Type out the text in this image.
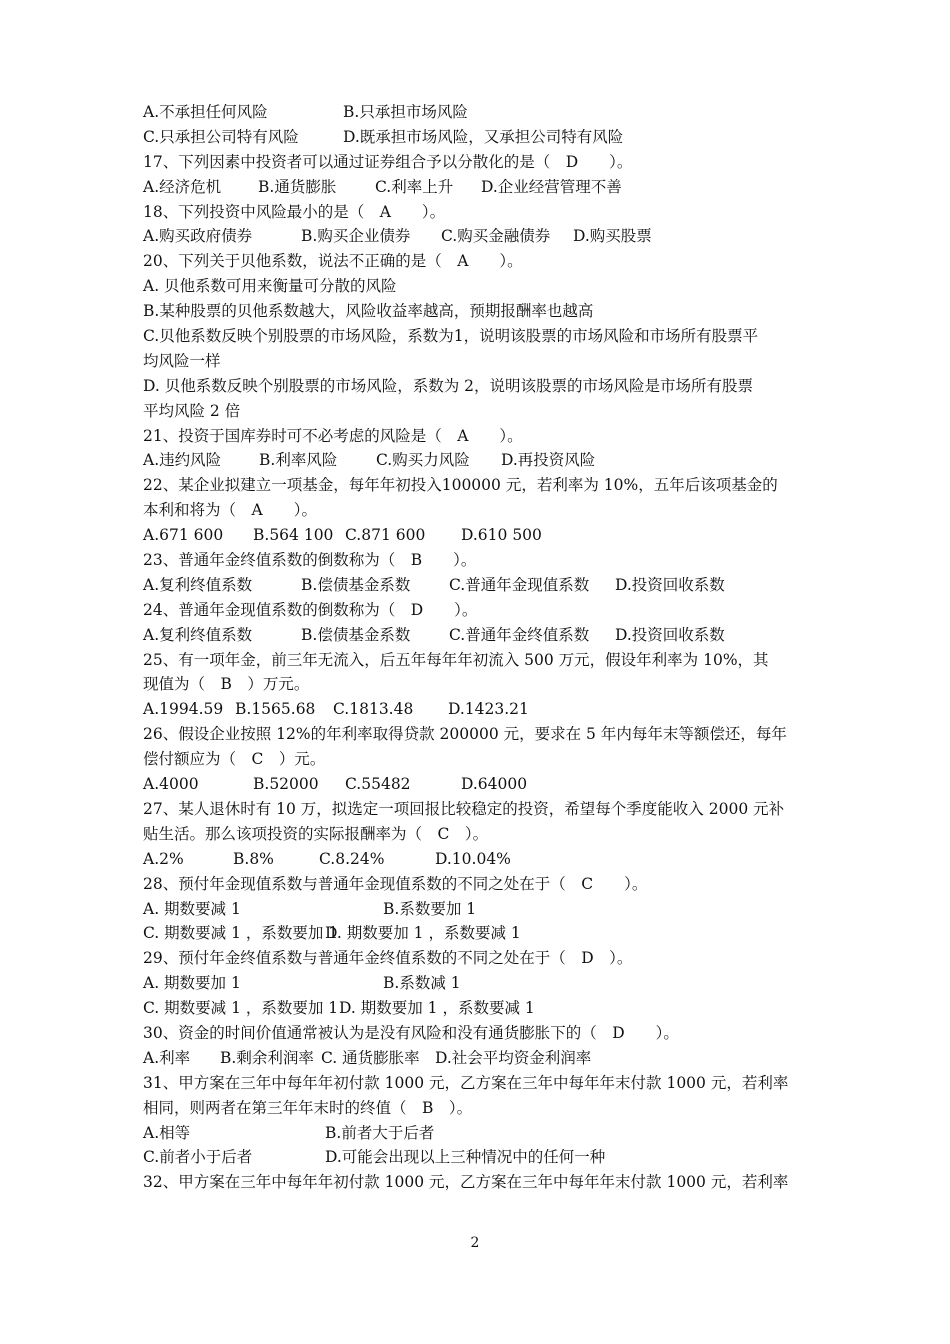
A.不承担任何风险	B.只承担市场风险
C.只承担公司特有风险	D.既承担市场风险，又承担公司特有风险
17、下列因素中投资者可以通过证券组合予以分散化的是（　D　　）。
A.经济危机 B.通货膨胀 C.利率上升 D.企业经营管理不善
18、下列投资中风险最小的是（　A　　）。
A.购买政府债券	B.购买企业债券 C.购买金融债券 D.购买股票
20、下列关于贝他系数，说法不正确的是（　A　　）。
A. 贝他系数可用来衡量可分散的风险
B.某种股票的贝他系数越大，风险收益率越高，预期报酬率也越高
C.贝他系数反映个别股票的市场风险，系数为1，说明该股票的市场风险和市场所有股票平
均风险一样
D. 贝他系数反映个别股票的市场风险，系数为 2，说明该股票的市场风险是市场所有股票
平均风险 2 倍
21、投资于国库券时可不必考虑的风险是（　A　　）。
A.违约风险 B.利率风险 C.购买力风险 D.再投资风险
22、某企业拟建立一项基金，每年年初投入100000 元，若利率为 10%，五年后该项基金的
本利和将为（　A　　）。
A.671 600 B.564 100 C.871 600 D.610 500
23、普通年金终值系数的倒数称为（　B　　）。
A.复利终值系数	B.偿债基金系数 C.普通年金现值系数 D.投资回收系数
24、普通年金现值系数的倒数称为（　D　　）。
A.复利终值系数	B.偿债基金系数 C.普通年金终值系数 D.投资回收系数
25、有一项年金，前三年无流入，后五年每年年初流入 500 万元，假设年利率为 10%，其
现值为（　B　）万元。
A.1994.59 B.1565.68 C.1813.48 D.1423.21
26、假设企业按照 12%的年利率取得贷款 200000 元，要求在 5 年内每年末等额偿还，每年
偿付额应为（　C　）元。
A.4000	B.52000 C.55482	D.64000
27、某人退休时有 10 万，拟选定一项回报比较稳定的投资，希望每个季度能收入 2000 元补
贴生活。那么该项投资的实际报酬率为（　C　）。
A.2%	B.8%	C.8.24%	D.10.04%
28、预付年金现值系数与普通年金现值系数的不同之处在于（　C　　）。
A. 期数要减 1	B.系数要加 1
C. 期数要减 1 ，系数要加 1
D. 期数要加 1 ，系数要减 1
29、预付年金终值系数与普通年金终值系数的不同之处在于（　D　）。
A. 期数要加 1	B.系数减 1
C. 期数要减 1 ，系数要加 1 D. 期数要加 1 ，系数要减 1
30、资金的时间价值通常被认为是没有风险和没有通货膨胀下的（　D　　）。
A.利率 B.剩余利润率 C. 通货膨胀率 D.社会平均资金利润率
31、甲方案在三年中每年年初付款 1000 元，乙方案在三年中每年年末付款 1000 元，若利率
相同，则两者在第三年年末时的终值（　B　）。
A.相等	B.前者大于后者
C.前者小于后者	D.可能会出现以上三种情况中的任何一种
32、甲方案在三年中每年年初付款 1000 元，乙方案在三年中每年年末付款 1000 元，若利率
2
